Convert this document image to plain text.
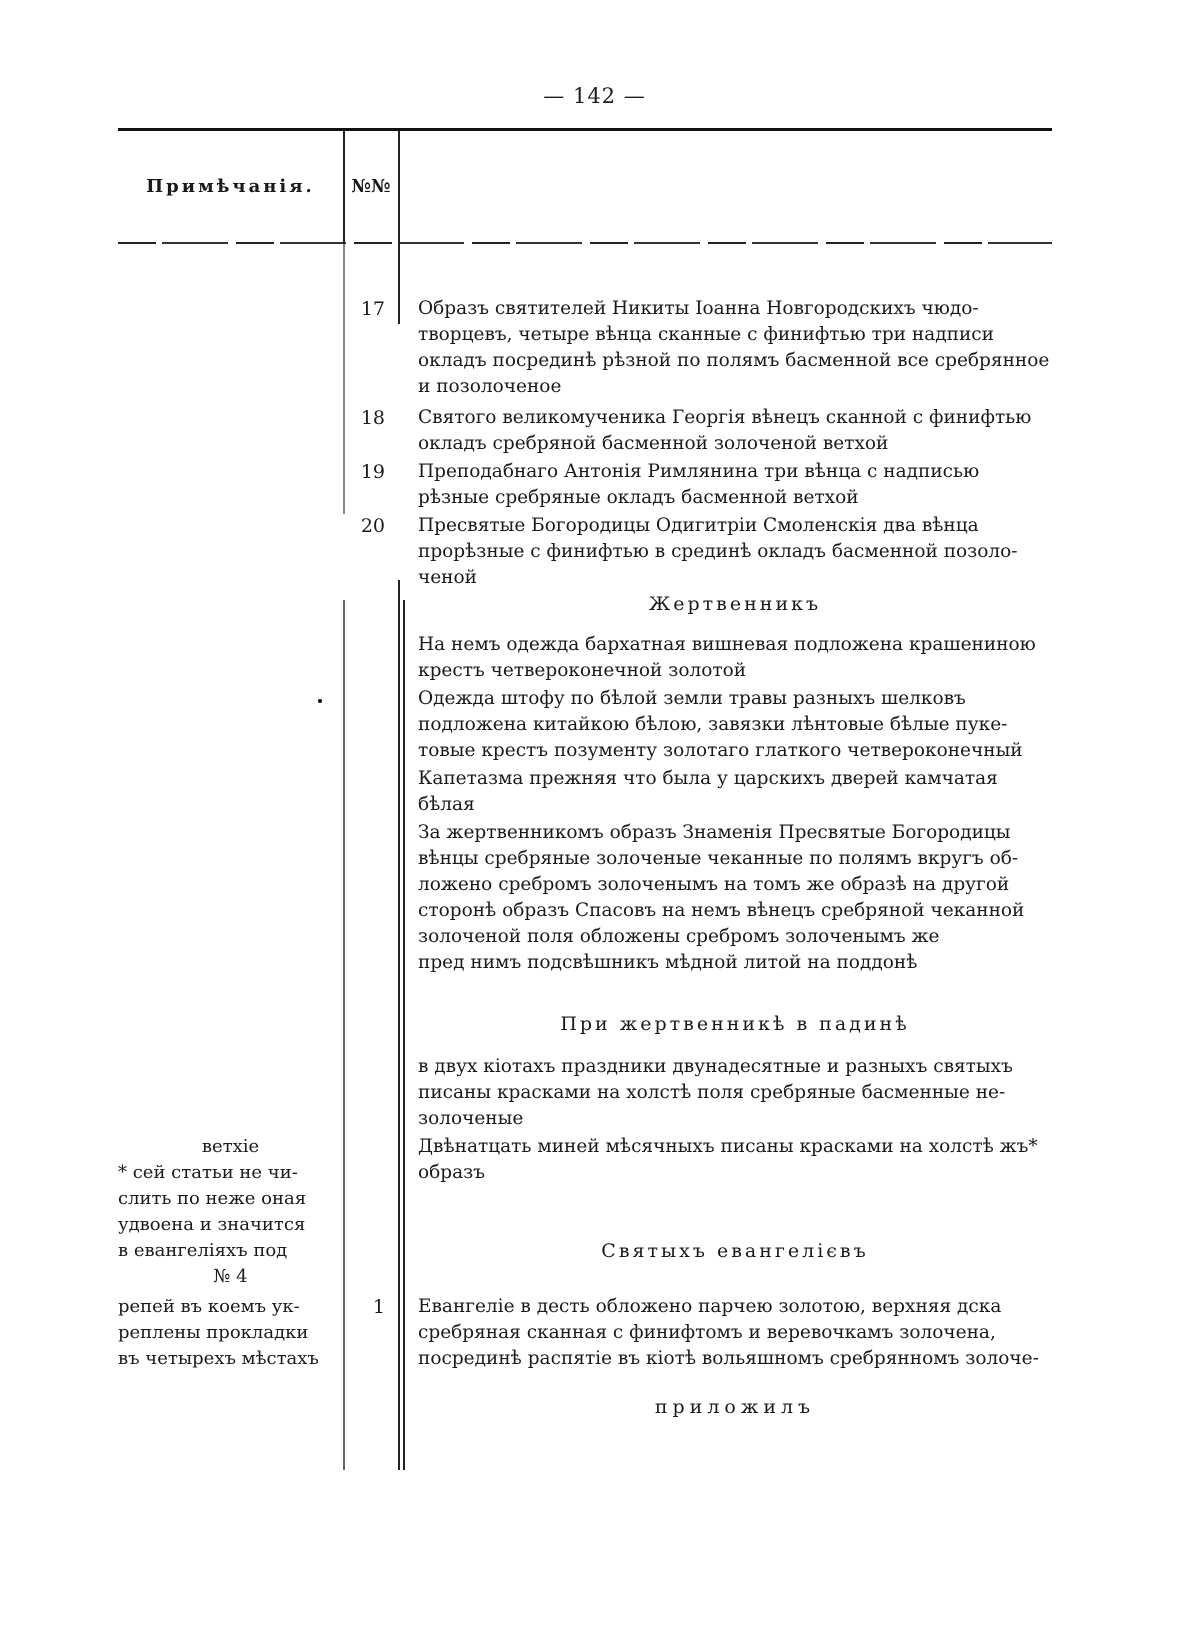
— 142 —
Примѣчанія.	№№
17 Образъ святителей Никиты Іоанна Новгородскихъ чюдо-
творцевъ, четыре вѣнца сканные с финифтью три надписи
окладъ посрединѣ рѣзной по полямъ басменной все сребрянное
и позолоченое
18 Святого великомученика Георгія вѣнецъ сканной с финифтью
окладъ сребряной басменной золоченой ветхой
19 Преподабнаго Антонія Римлянина три вѣнца с надписью
рѣзные сребряные окладъ басменной ветхой
20 Пресвятые Богородицы Одигитріи Смоленскія два вѣнца
прорѣзные с финифтью в срединѣ окладъ басменной позоло-
ченой
Жертвенникъ
На немъ одежда бархатная вишневая подложена крашениною
крестъ четвероконечной золотой
Одежда штофу по бѣлой земли травы разныхъ шелковъ
подложена китайкою бѣлою, завязки лѣнтовые бѣлые пуке-
товые крестъ позументу золотаго глаткого четвероконечный
Капетазма прежняя что была у царскихъ дверей камчатая
бѣлая
За жертвенникомъ образъ Знаменія Пресвятые Богородицы
вѣнцы сребряные золоченые чеканные по полямъ вкругъ об-
ложено сребромъ золоченымъ на томъ же образѣ на другой
сторонѣ образъ Спасовъ на немъ вѣнецъ сребряной чеканной
золоченой поля обложены сребромъ золоченымъ же
пред нимъ подсвѣшникъ мѣдной литой на поддонѣ
При жертвенникѣ в падинѣ
в двух кіотахъ праздники двунадесятные и разныхъ святыхъ
писаны красками на холстѣ поля сребряные басменные не-
золоченые
Двѣнатцать миней мѣсячныхъ писаны красками на холстѣ жъ*
образъ
ветхіе
* сей статьи не чи-
слить по неже оная
удвоена и значится
в евангеліяхъ под
№ 4
репей въ коемъ ук-
реплены прокладки
въ четырехъ мѣстахъ
Святыхъ евангелієвъ
1 Евангеліе в десть обложено парчею золотою, верхняя дска
сребряная сканная с финифтомъ и веревочкамъ золочена,
посрединѣ распятіе въ кіотѣ вольяшномъ сребрянномъ золоче-
приложилъ
